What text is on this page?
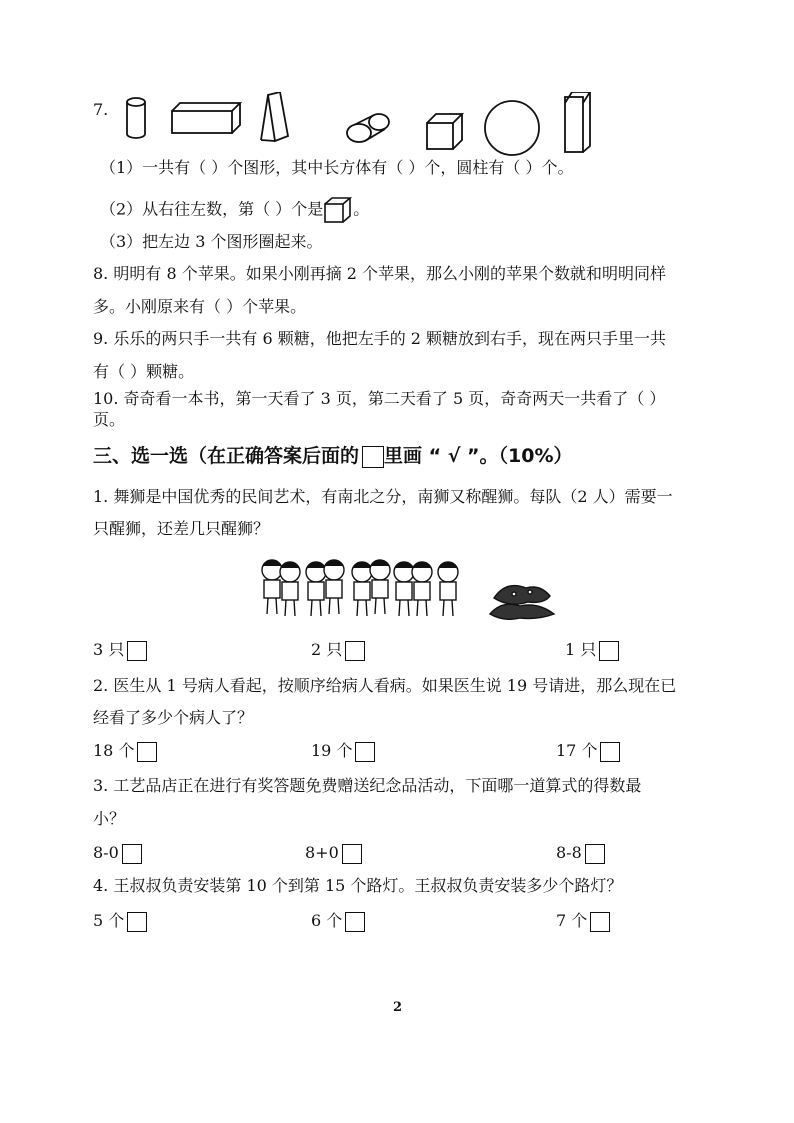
7.
（1）一共有（ ）个图形，其中长方体有（ ）个，圆柱有（ ）个。
（2）从右往左数，第（ ）个是 。
（3）把左边 3 个图形圈起来。
8. 明明有 8 个苹果。如果小刚再摘 2 个苹果，那么小刚的苹果个数就和明明同样
多。小刚原来有（ ）个苹果。
9. 乐乐的两只手一共有 6 颗糖，他把左手的 2 颗糖放到右手，现在两只手里一共
有（ ）颗糖。
10. 奇奇看一本书，第一天看了 3 页，第二天看了 5 页，奇奇两天一共看了（ ）
页。
三、选一选（在正确答案后面的 里画 “ √ ”。（10%）
1. 舞狮是中国优秀的民间艺术，有南北之分，南狮又称醒狮。每队（2 人）需要一
只醒狮，还差几只醒狮？
3 只	2 只	1 只
2. 医生从 1 号病人看起，按顺序给病人看病。如果医生说 19 号请进，那么现在已
经看了多少个病人了？
18 个	19 个	17 个
3. 工艺品店正在进行有奖答题免费赠送纪念品活动，下面哪一道算式的得数最
小？
8-0	8+0	8-8
4. 王叔叔负责安装第 10 个到第 15 个路灯。王叔叔负责安装多少个路灯？
5 个	6 个	7 个
2
